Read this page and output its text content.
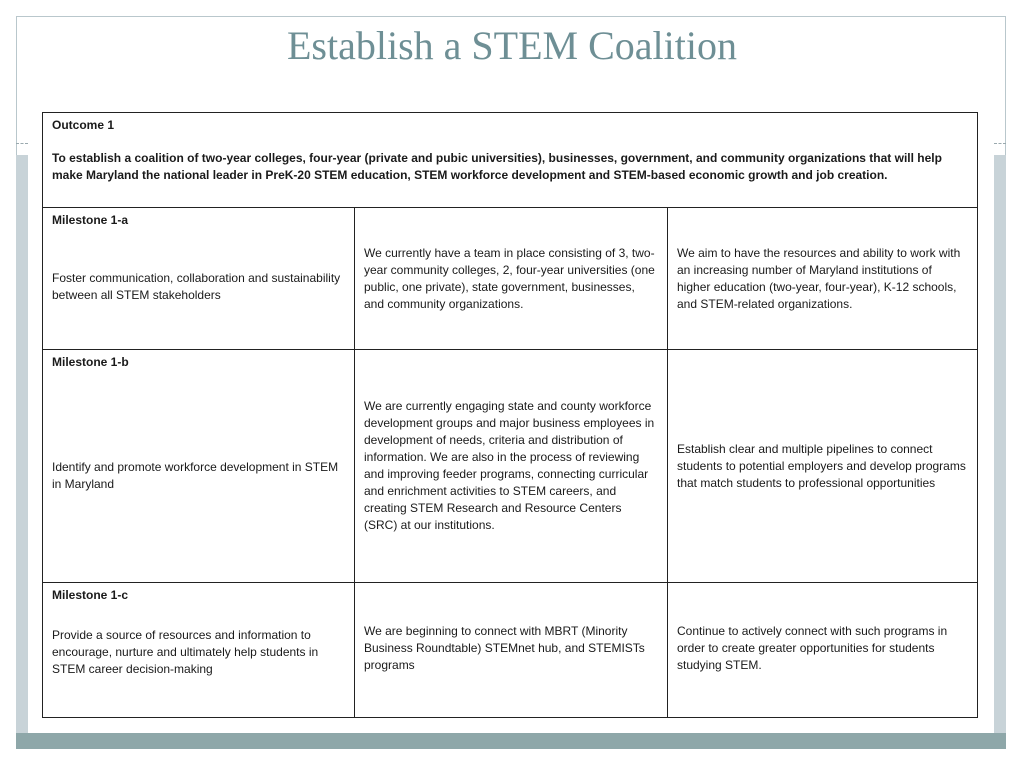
Establish a STEM Coalition
Outcome 1
To establish a coalition of two-year colleges, four-year (private and pubic universities), businesses, government, and community organizations that will help make Maryland the national leader in PreK-20 STEM education, STEM workforce development and STEM-based economic growth and job creation.		

Milestone 1-a
Foster communication, collaboration and sustainability between all STEM stakeholders	We currently have a team in place consisting of 3, two-year community colleges, 2, four-year universities (one public, one private), state government, businesses, and community organizations.	We aim to have the resources and ability to work with an increasing number of Maryland institutions of higher education (two-year, four-year), K-12 schools, and STEM-related organizations.

Milestone 1-b
Identify and promote workforce development in STEM in Maryland	We are currently engaging state and county workforce development groups and major business employees in development of needs, criteria and distribution of information. We are also in the process of reviewing and improving feeder programs, connecting curricular and enrichment activities to STEM careers, and creating STEM Research and Resource Centers (SRC) at our institutions.	Establish clear and multiple pipelines to connect students to potential employers and develop programs that match students to professional opportunities

Milestone 1-c
Provide a source of resources and information to encourage, nurture and ultimately help students in STEM career decision-making	We are beginning to connect with MBRT (Minority Business Roundtable) STEMnet hub, and STEMISTs programs	Continue to actively connect with such programs in order to create greater opportunities for students studying STEM.
